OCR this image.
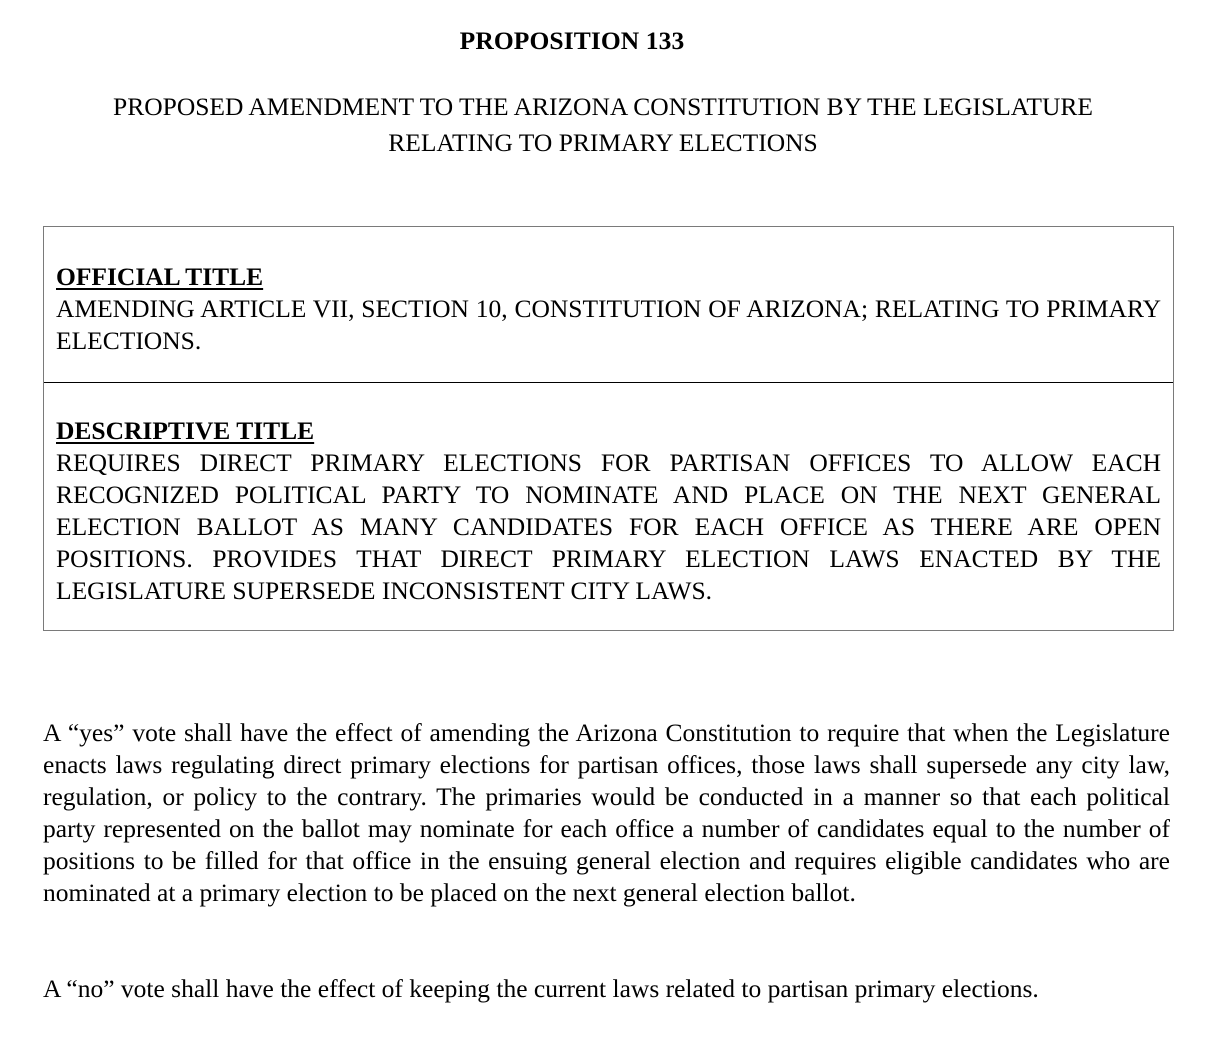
PROPOSITION 133
PROPOSED AMENDMENT TO THE ARIZONA CONSTITUTION BY THE LEGISLATURE
RELATING TO PRIMARY ELECTIONS
OFFICIAL TITLE
AMENDING ARTICLE VII, SECTION 10, CONSTITUTION OF ARIZONA; RELATING TO PRIMARY ELECTIONS.
DESCRIPTIVE TITLE
REQUIRES DIRECT PRIMARY ELECTIONS FOR PARTISAN OFFICES TO ALLOW EACH RECOGNIZED POLITICAL PARTY TO NOMINATE AND PLACE ON THE NEXT GENERAL ELECTION BALLOT AS MANY CANDIDATES FOR EACH OFFICE AS THERE ARE OPEN POSITIONS. PROVIDES THAT DIRECT PRIMARY ELECTION LAWS ENACTED BY THE LEGISLATURE SUPERSEDE INCONSISTENT CITY LAWS.

A “yes” vote shall have the effect of amending the Arizona Constitution to require that when the Legislature enacts laws regulating direct primary elections for partisan offices, those laws shall supersede any city law, regulation, or policy to the contrary. The primaries would be conducted in a manner so that each political party represented on the ballot may nominate for each office a number of candidates equal to the number of positions to be filled for that office in the ensuing general election and requires eligible candidates who are nominated at a primary election to be placed on the next general election ballot.

A “no” vote shall have the effect of keeping the current laws related to partisan primary elections.
